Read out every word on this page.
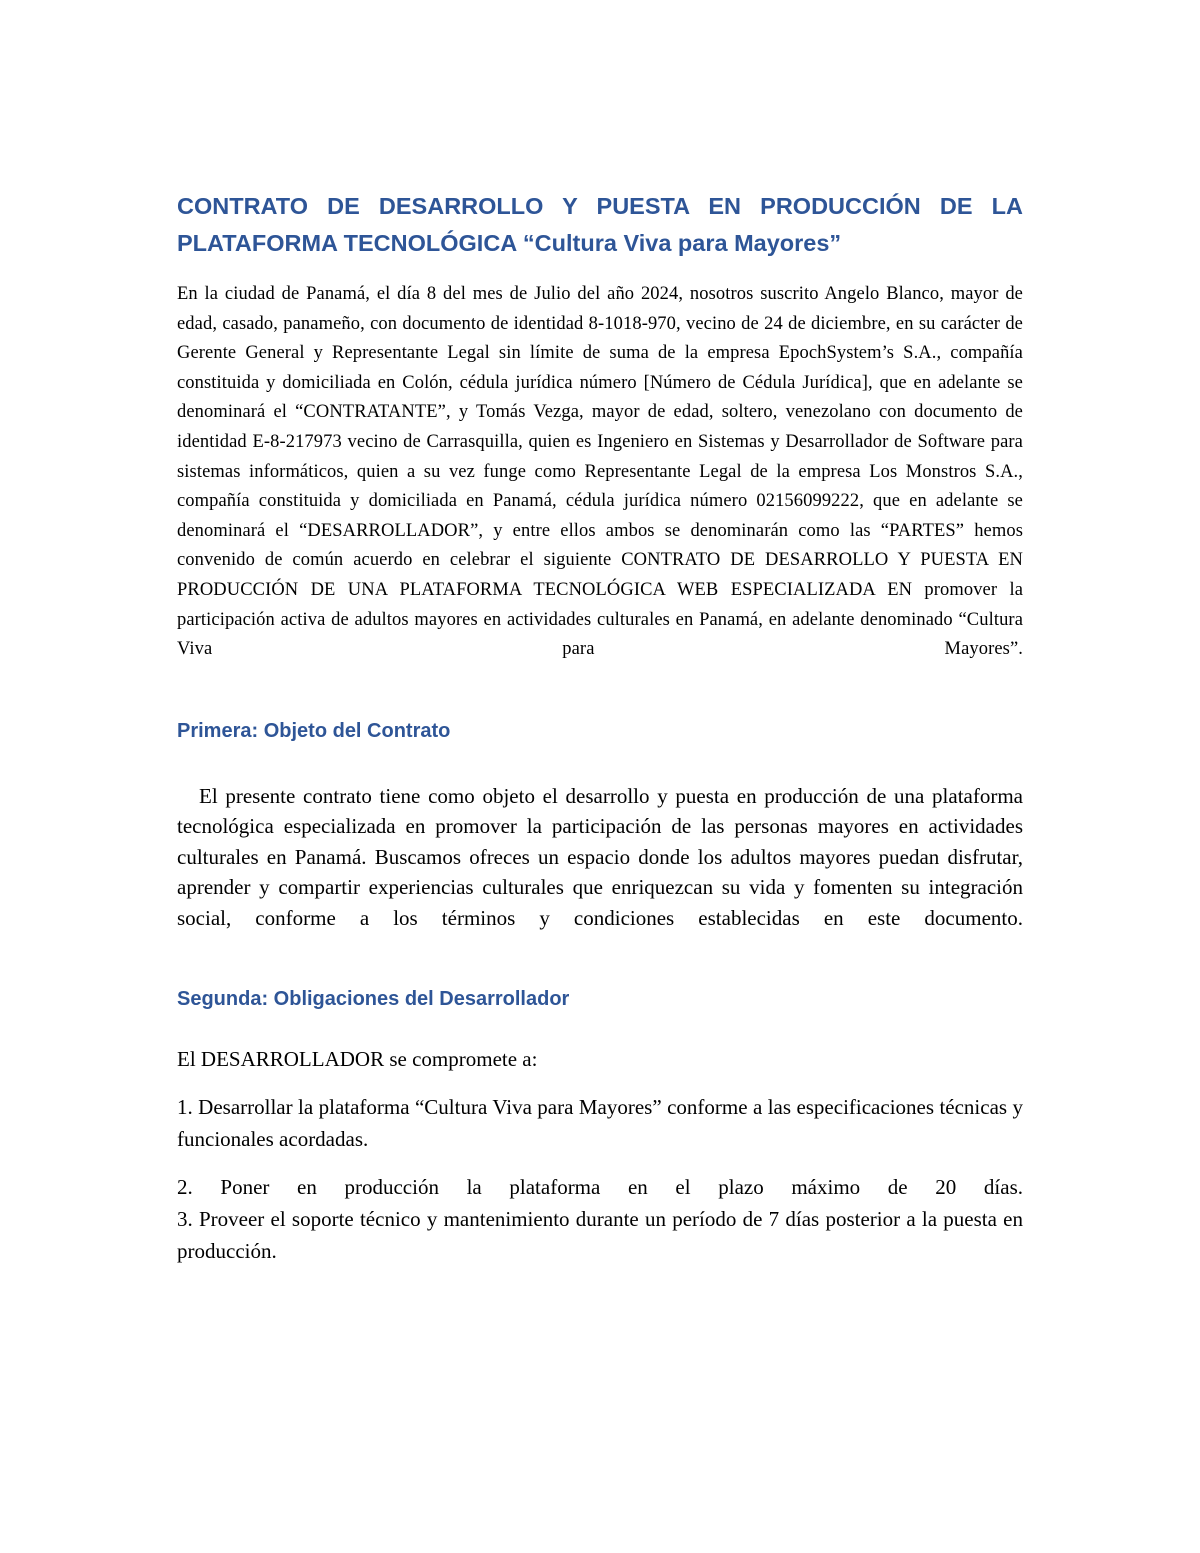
CONTRATO DE DESARROLLO Y PUESTA EN PRODUCCIÓN DE LA
PLATAFORMA TECNOLÓGICA “Cultura Viva para Mayores”

En la ciudad de Panamá, el día 8 del mes de Julio del año 2024, nosotros suscrito Angelo Blanco, mayor de edad, casado, panameño, con documento de identidad 8-1018-970, vecino de 24 de diciembre, en su carácter de Gerente General y Representante Legal sin límite de suma de la empresa EpochSystem’s S.A., compañía constituida y domiciliada en Colón, cédula jurídica número [Número de Cédula Jurídica], que en adelante se denominará el “CONTRATANTE”, y Tomás Vezga, mayor de edad, soltero, venezolano con documento de identidad E-8-217973 vecino de Carrasquilla, quien es Ingeniero en Sistemas y Desarrollador de Software para sistemas informáticos, quien a su vez funge como Representante Legal de la empresa Los Monstros S.A., compañía constituida y domiciliada en Panamá, cédula jurídica número 02156099222, que en adelante se denominará el “DESARROLLADOR”, y entre ellos ambos se denominarán como las “PARTES” hemos convenido de común acuerdo en celebrar el siguiente CONTRATO DE DESARROLLO Y PUESTA EN PRODUCCIÓN DE UNA PLATAFORMA TECNOLÓGICA WEB ESPECIALIZADA EN promover la participación activa de adultos mayores en actividades culturales en Panamá, en adelante denominado “Cultura Viva para Mayores”.

Primera: Objeto del Contrato

El presente contrato tiene como objeto el desarrollo y puesta en producción de una plataforma tecnológica especializada en promover la participación de las personas mayores en actividades culturales en Panamá. Buscamos ofreces un espacio donde los adultos mayores puedan disfrutar, aprender y compartir experiencias culturales que enriquezcan su vida y fomenten su integración social, conforme a los términos y condiciones establecidas en este documento.

Segunda: Obligaciones del Desarrollador

El DESARROLLADOR se compromete a:

1. Desarrollar la plataforma “Cultura Viva para Mayores” conforme a las especificaciones técnicas y funcionales acordadas.

2. Poner en producción la plataforma en el plazo máximo de 20 días.

3. Proveer el soporte técnico y mantenimiento durante un período de 7 días posterior a la puesta en producción.
